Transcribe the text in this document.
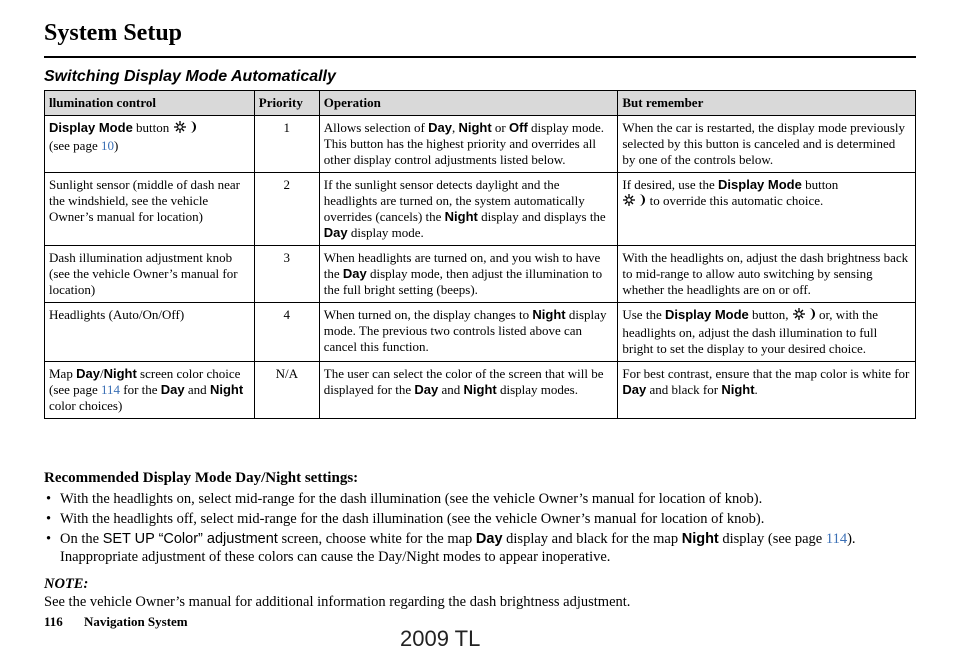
System Setup
Switching Display Mode Automatically
llumination control	Priority	Operation	But remember
Display Mode button
(see page 10)	1	Allows selection of Day, Night or Off display mode. This button has the highest priority and overrides all other display control adjustments listed below.	When the car is restarted, the display mode previously selected by this button is canceled and is determined by one of the controls below.
Sunlight sensor (middle of dash near the windshield, see the vehicle Owner’s manual for location)	2	If the sunlight sensor detects daylight and the headlights are turned on, the system automatically overrides (cancels) the Night display and displays the Day display mode.	If desired, use the Display Mode button
to override this automatic choice.
Dash illumination adjustment knob (see the vehicle Owner’s manual for location)	3	When headlights are turned on, and you wish to have the Day display mode, then adjust the illumination to the full bright setting (beeps).	With the headlights on, adjust the dash brightness back to mid-range to allow auto switching by sensing whether the headlights are on or off.
Headlights (Auto/On/Off)	4	When turned on, the display changes to Night display mode. The previous two controls listed above can cancel this function.	Use the Display Mode button,  or, with the headlights on, adjust the dash illumination to full bright to set the display to your desired choice.
Map Day/Night screen color choice (see page 114 for the Day and Night color choices)	N/A	The user can select the color of the screen that will be displayed for the Day and Night display modes.	For best contrast, ensure that the map color is white for Day and black for Night.
Recommended Display Mode Day/Night settings:
• With the headlights on, select mid-range for the dash illumination (see the vehicle Owner’s manual for location of knob).
• With the headlights off, select mid-range for the dash illumination (see the vehicle Owner’s manual for location of knob).
• On the SET UP “Color” adjustment screen, choose white for the map Day display and black for the map Night display (see page 114). Inappropriate adjustment of these colors can cause the Day/Night modes to appear inoperative.
NOTE:
See the vehicle Owner’s manual for additional information regarding the dash brightness adjustment.
116 Navigation System
2009 TL
